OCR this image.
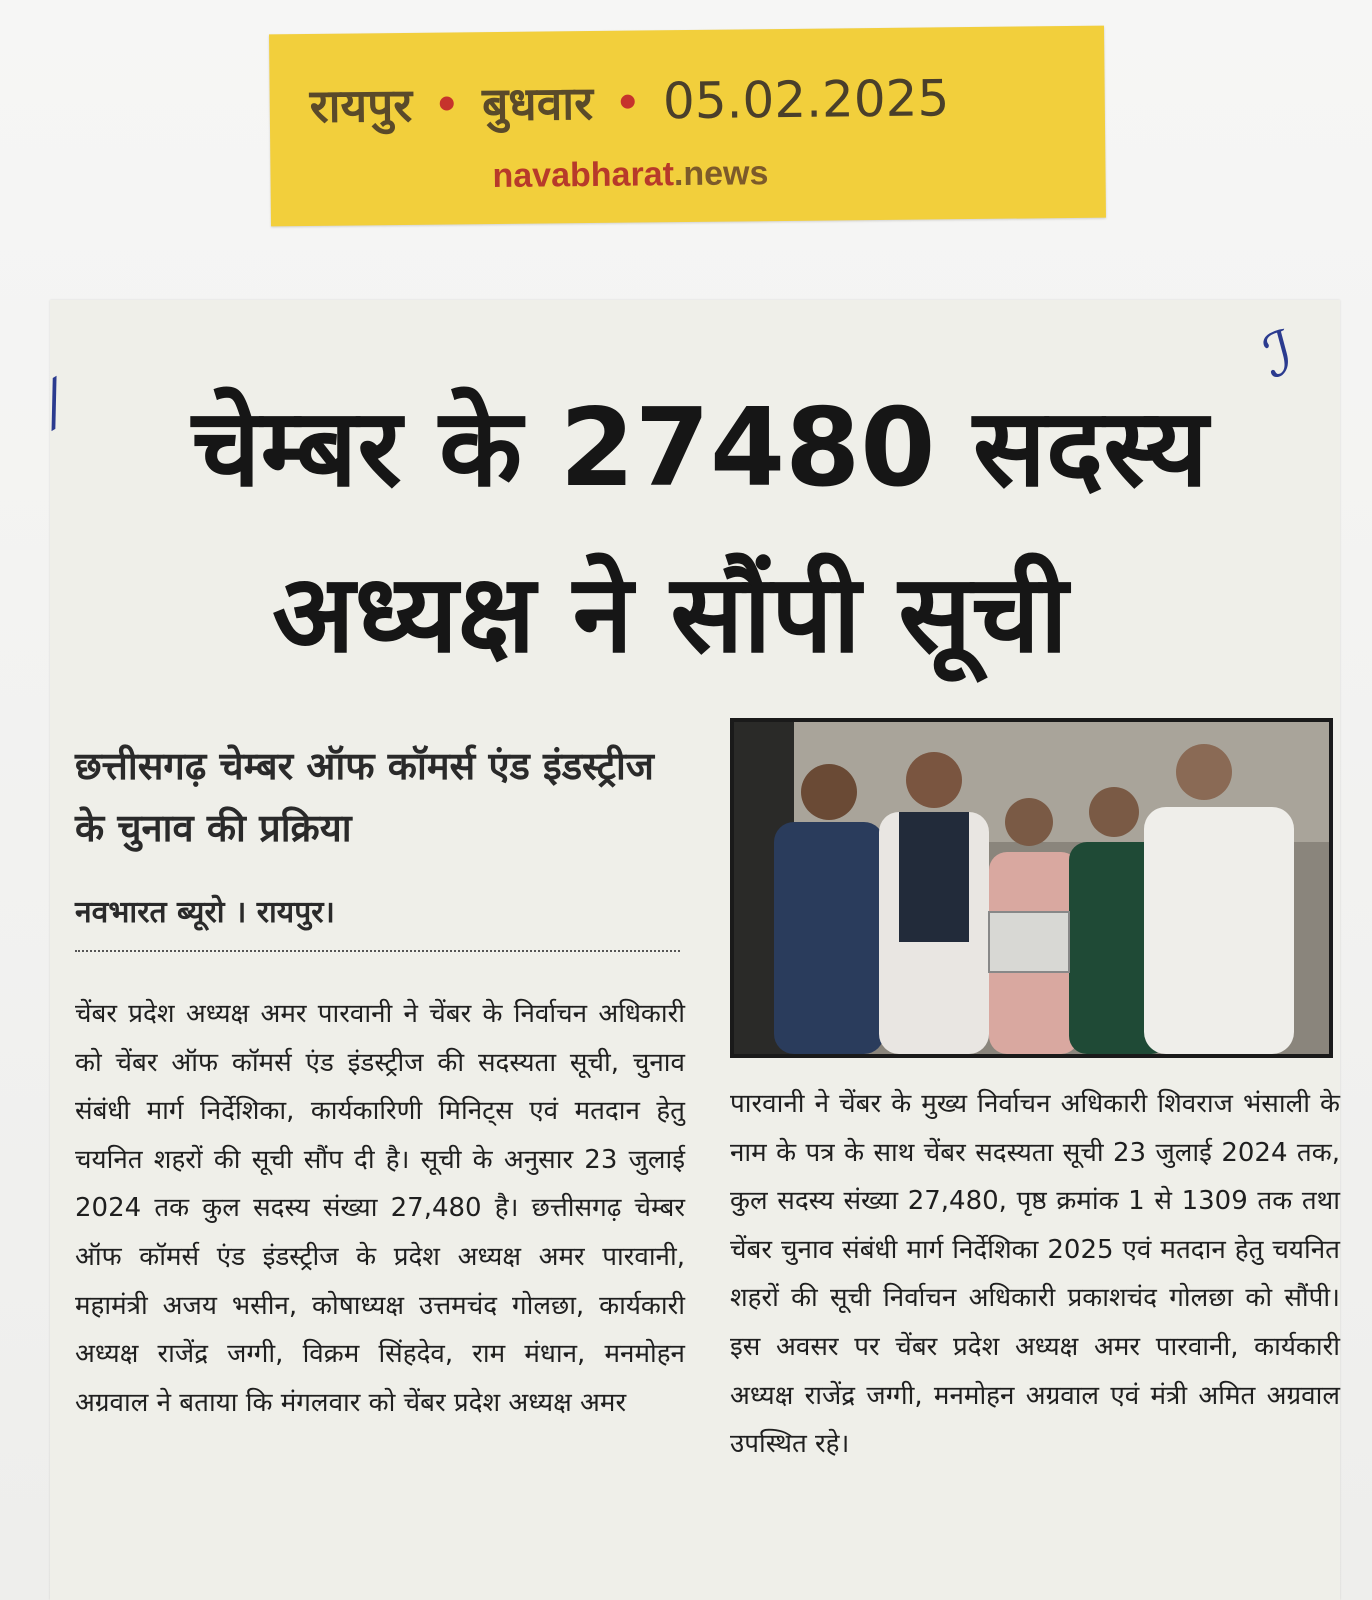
रायपुर बुधवार 05.02.2025
navabharat.news
⁄
ℐ
चेम्बर के 27480 सदस्य
अध्यक्ष ने सौंपी सूची
छत्तीसगढ़ चेम्बर ऑफ कॉमर्स एंड इंडस्ट्रीज के चुनाव की प्रक्रिया
नवभारत ब्यूरो । रायपुर।
चेंबर प्रदेश अध्यक्ष अमर पारवानी ने चेंबर के निर्वाचन अधिकारी को चेंबर ऑफ कॉमर्स एंड इंडस्ट्रीज की सदस्यता सूची, चुनाव संबंधी मार्ग निर्देशिका, कार्यकारिणी मिनिट्स एवं मतदान हेतु चयनित शहरों की सूची सौंप दी है। सूची के अनुसार 23 जुलाई 2024 तक कुल सदस्य संख्या 27,480 है। छत्तीसगढ़ चेम्बर ऑफ कॉमर्स एंड इंडस्ट्रीज के प्रदेश अध्यक्ष अमर पारवानी, महामंत्री अजय भसीन, कोषाध्यक्ष उत्तमचंद गोलछा, कार्यकारी अध्यक्ष राजेंद्र जग्गी, विक्रम सिंहदेव, राम मंधान, मनमोहन अग्रवाल ने बताया कि मंगलवार को चेंबर प्रदेश अध्यक्ष अमर
पारवानी ने चेंबर के मुख्य निर्वाचन अधिकारी शिवराज भंसाली के नाम के पत्र के साथ चेंबर सदस्यता सूची 23 जुलाई 2024 तक, कुल सदस्य संख्या 27,480, पृष्ठ क्रमांक 1 से 1309 तक तथा चेंबर चुनाव संबंधी मार्ग निर्देशिका 2025 एवं मतदान हेतु चयनित शहरों की सूची निर्वाचन अधिकारी प्रकाशचंद गोलछा को सौंपी। इस अवसर पर चेंबर प्रदेश अध्यक्ष अमर पारवानी, कार्यकारी अध्यक्ष राजेंद्र जग्गी, मनमोहन अग्रवाल एवं मंत्री अमित अग्रवाल उपस्थित रहे।
